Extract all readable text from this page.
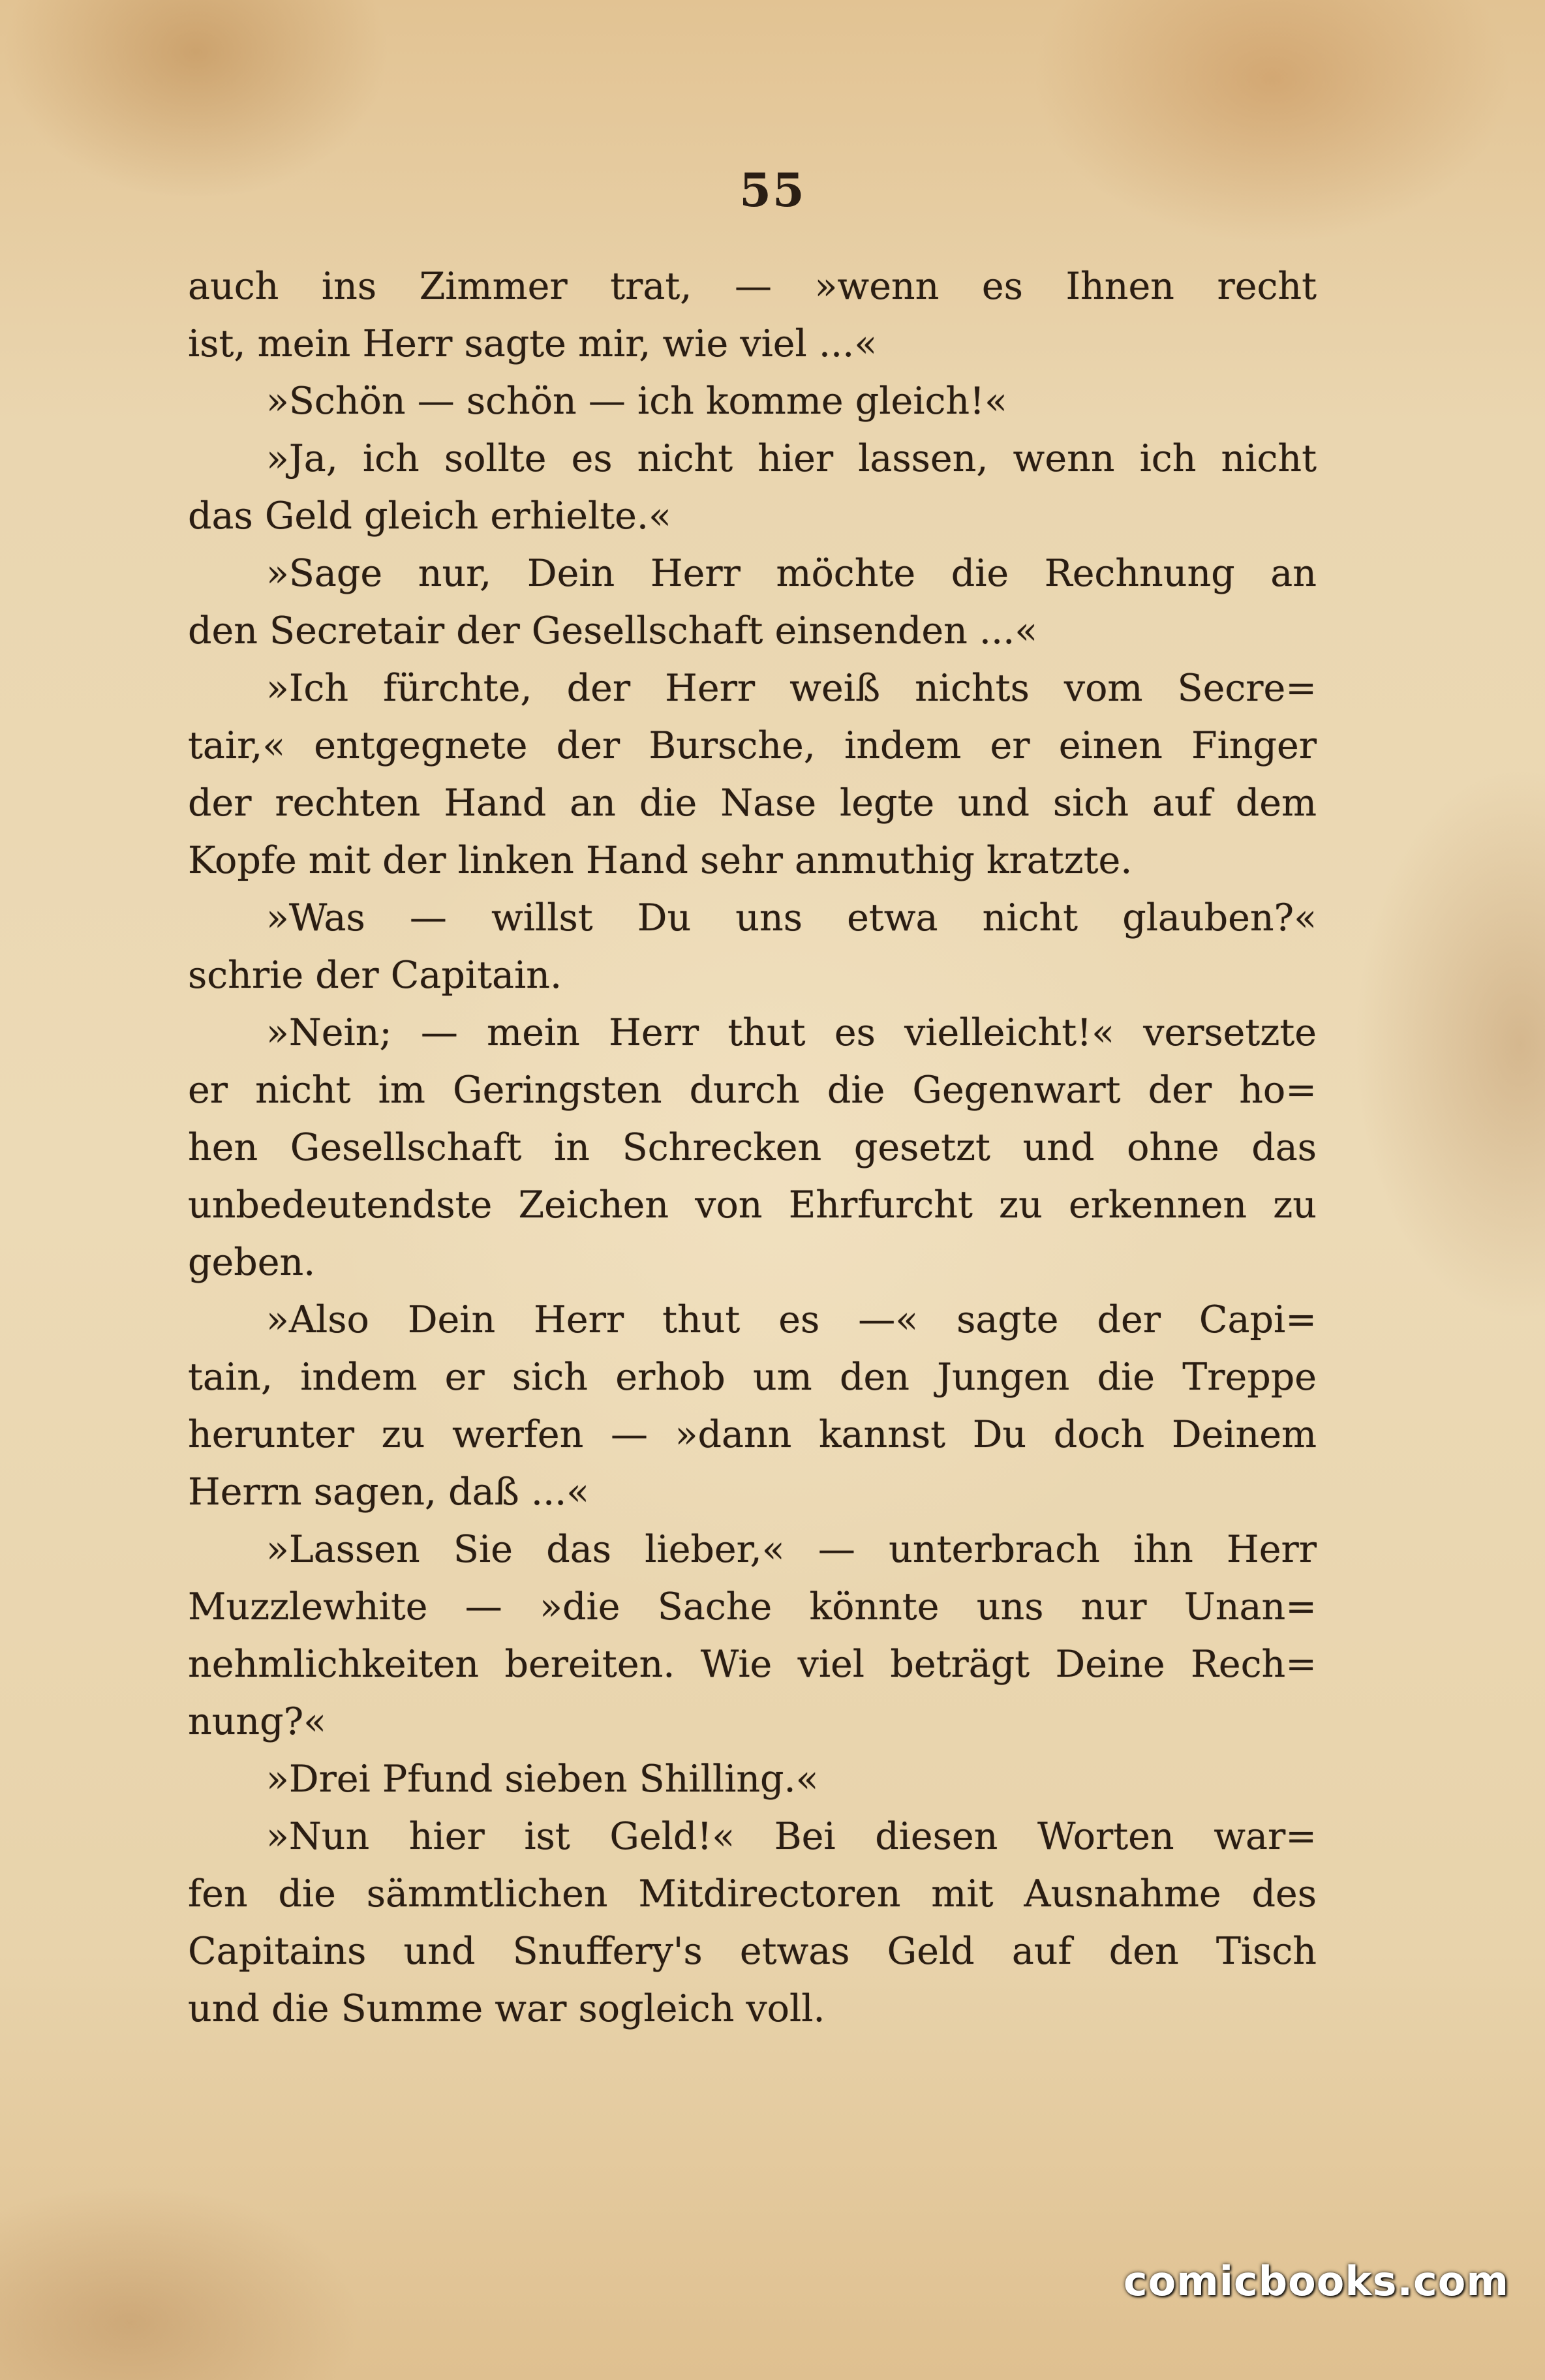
55
auch ins Zimmer trat, — »wenn es Ihnen recht
ist, mein Herr sagte mir, wie viel ...«
»Schön — schön — ich komme gleich!«
»Ja, ich sollte es nicht hier lassen, wenn ich nicht
das Geld gleich erhielte.«
»Sage nur, Dein Herr möchte die Rechnung an
den Secretair der Gesellschaft einsenden ...«
»Ich fürchte, der Herr weiß nichts vom Secre=
tair,« entgegnete der Bursche, indem er einen Finger
der rechten Hand an die Nase legte und sich auf dem
Kopfe mit der linken Hand sehr anmuthig kratzte.
»Was — willst Du uns etwa nicht glauben?«
schrie der Capitain.
»Nein; — mein Herr thut es vielleicht!« versetzte
er nicht im Geringsten durch die Gegenwart der ho=
hen Gesellschaft in Schrecken gesetzt und ohne das
unbedeutendste Zeichen von Ehrfurcht zu erkennen zu
geben.
»Also Dein Herr thut es —« sagte der Capi=
tain, indem er sich erhob um den Jungen die Treppe
herunter zu werfen — »dann kannst Du doch Deinem
Herrn sagen, daß ...«
»Lassen Sie das lieber,« — unterbrach ihn Herr
Muzzlewhite — »die Sache könnte uns nur Unan=
nehmlichkeiten bereiten. Wie viel beträgt Deine Rech=
nung?«
»Drei Pfund sieben Shilling.«
»Nun hier ist Geld!« Bei diesen Worten war=
fen die sämmtlichen Mitdirectoren mit Ausnahme des
Capitains und Snuffery's etwas Geld auf den Tisch
und die Summe war sogleich voll.
comicbooks.com
